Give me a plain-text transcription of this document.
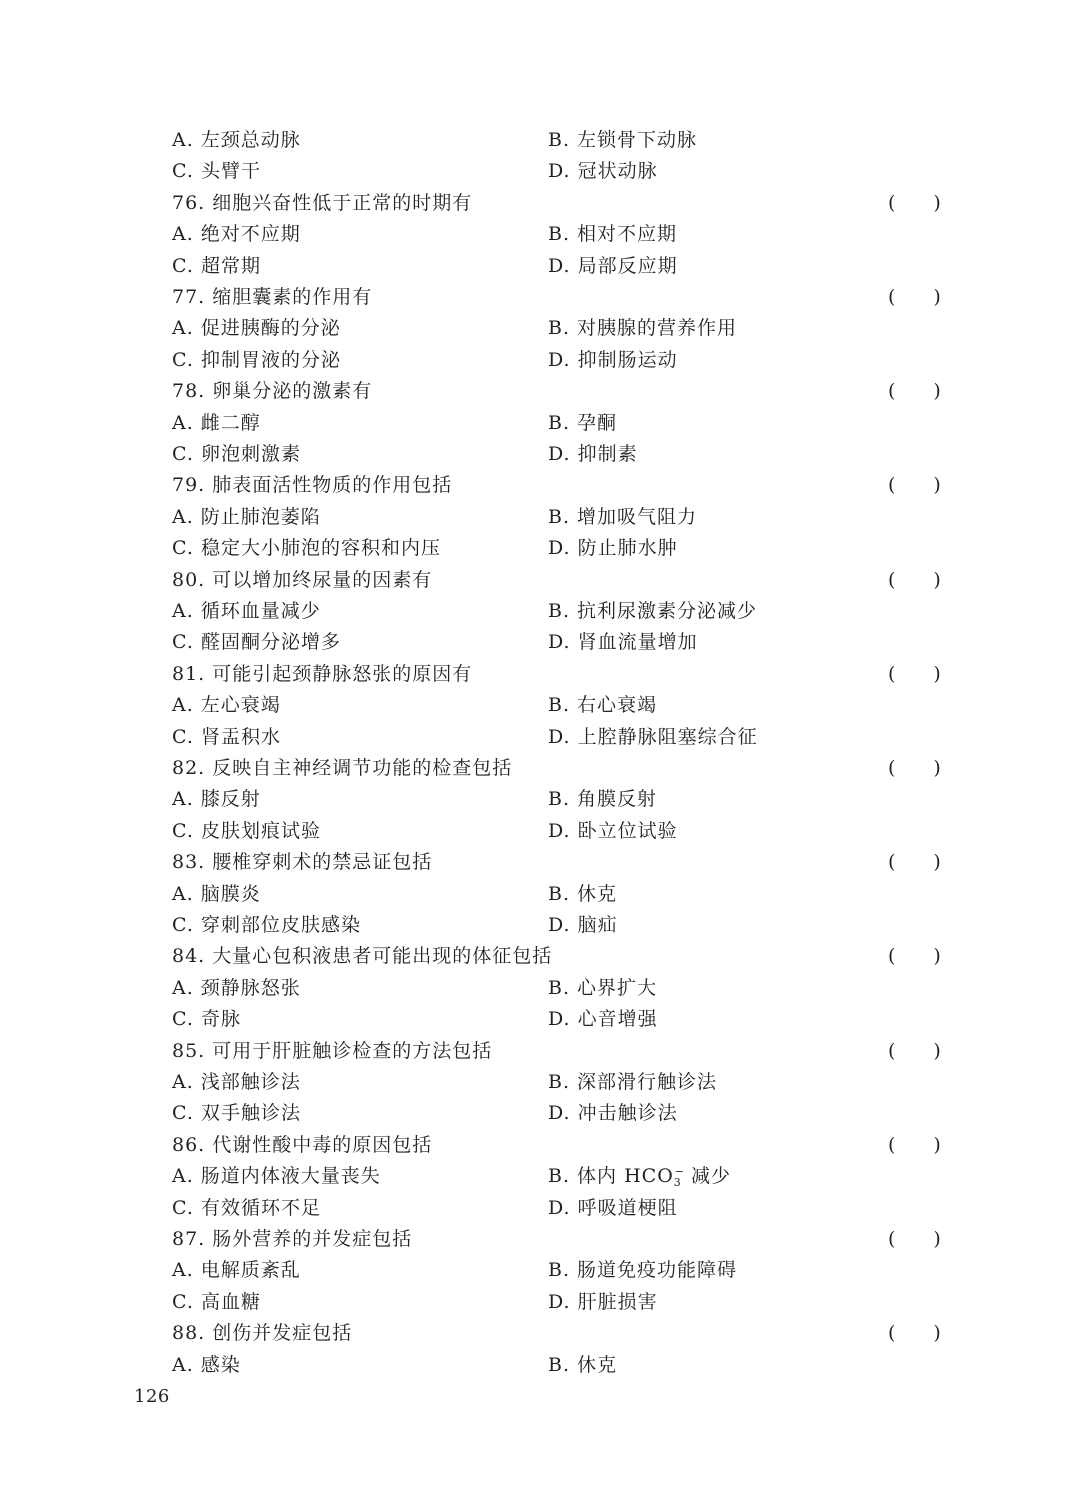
A. 左颈总动脉	B. 左锁骨下动脉
C. 头臂干	D. 冠状动脉
76. 细胞兴奋性低于正常的时期有	(　　)
A. 绝对不应期	B. 相对不应期
C. 超常期	D. 局部反应期
77. 缩胆囊素的作用有	(　　)
A. 促进胰酶的分泌	B. 对胰腺的营养作用
C. 抑制胃液的分泌	D. 抑制肠运动
78. 卵巢分泌的激素有	(　　)
A. 雌二醇	B. 孕酮
C. 卵泡刺激素	D. 抑制素
79. 肺表面活性物质的作用包括	(　　)
A. 防止肺泡萎陷	B. 增加吸气阻力
C. 稳定大小肺泡的容积和内压	D. 防止肺水肿
80. 可以增加终尿量的因素有	(　　)
A. 循环血量减少	B. 抗利尿激素分泌减少
C. 醛固酮分泌增多	D. 肾血流量增加
81. 可能引起颈静脉怒张的原因有	(　　)
A. 左心衰竭	B. 右心衰竭
C. 肾盂积水	D. 上腔静脉阻塞综合征
82. 反映自主神经调节功能的检查包括	(　　)
A. 膝反射	B. 角膜反射
C. 皮肤划痕试验	D. 卧立位试验
83. 腰椎穿刺术的禁忌证包括	(　　)
A. 脑膜炎	B. 休克
C. 穿刺部位皮肤感染	D. 脑疝
84. 大量心包积液患者可能出现的体征包括	(　　)
A. 颈静脉怒张	B. 心界扩大
C. 奇脉	D. 心音增强
85. 可用于肝脏触诊检查的方法包括	(　　)
A. 浅部触诊法	B. 深部滑行触诊法
C. 双手触诊法	D. 冲击触诊法
86. 代谢性酸中毒的原因包括	(　　)
A. 肠道内体液大量丧失	B. 体内 $HCO_3^-$ 减少
C. 有效循环不足	D. 呼吸道梗阻
87. 肠外营养的并发症包括	(　　)
A. 电解质紊乱	B. 肠道免疫功能障碍
C. 高血糖	D. 肝脏损害
88. 创伤并发症包括	(　　)
A. 感染	B. 休克
126
